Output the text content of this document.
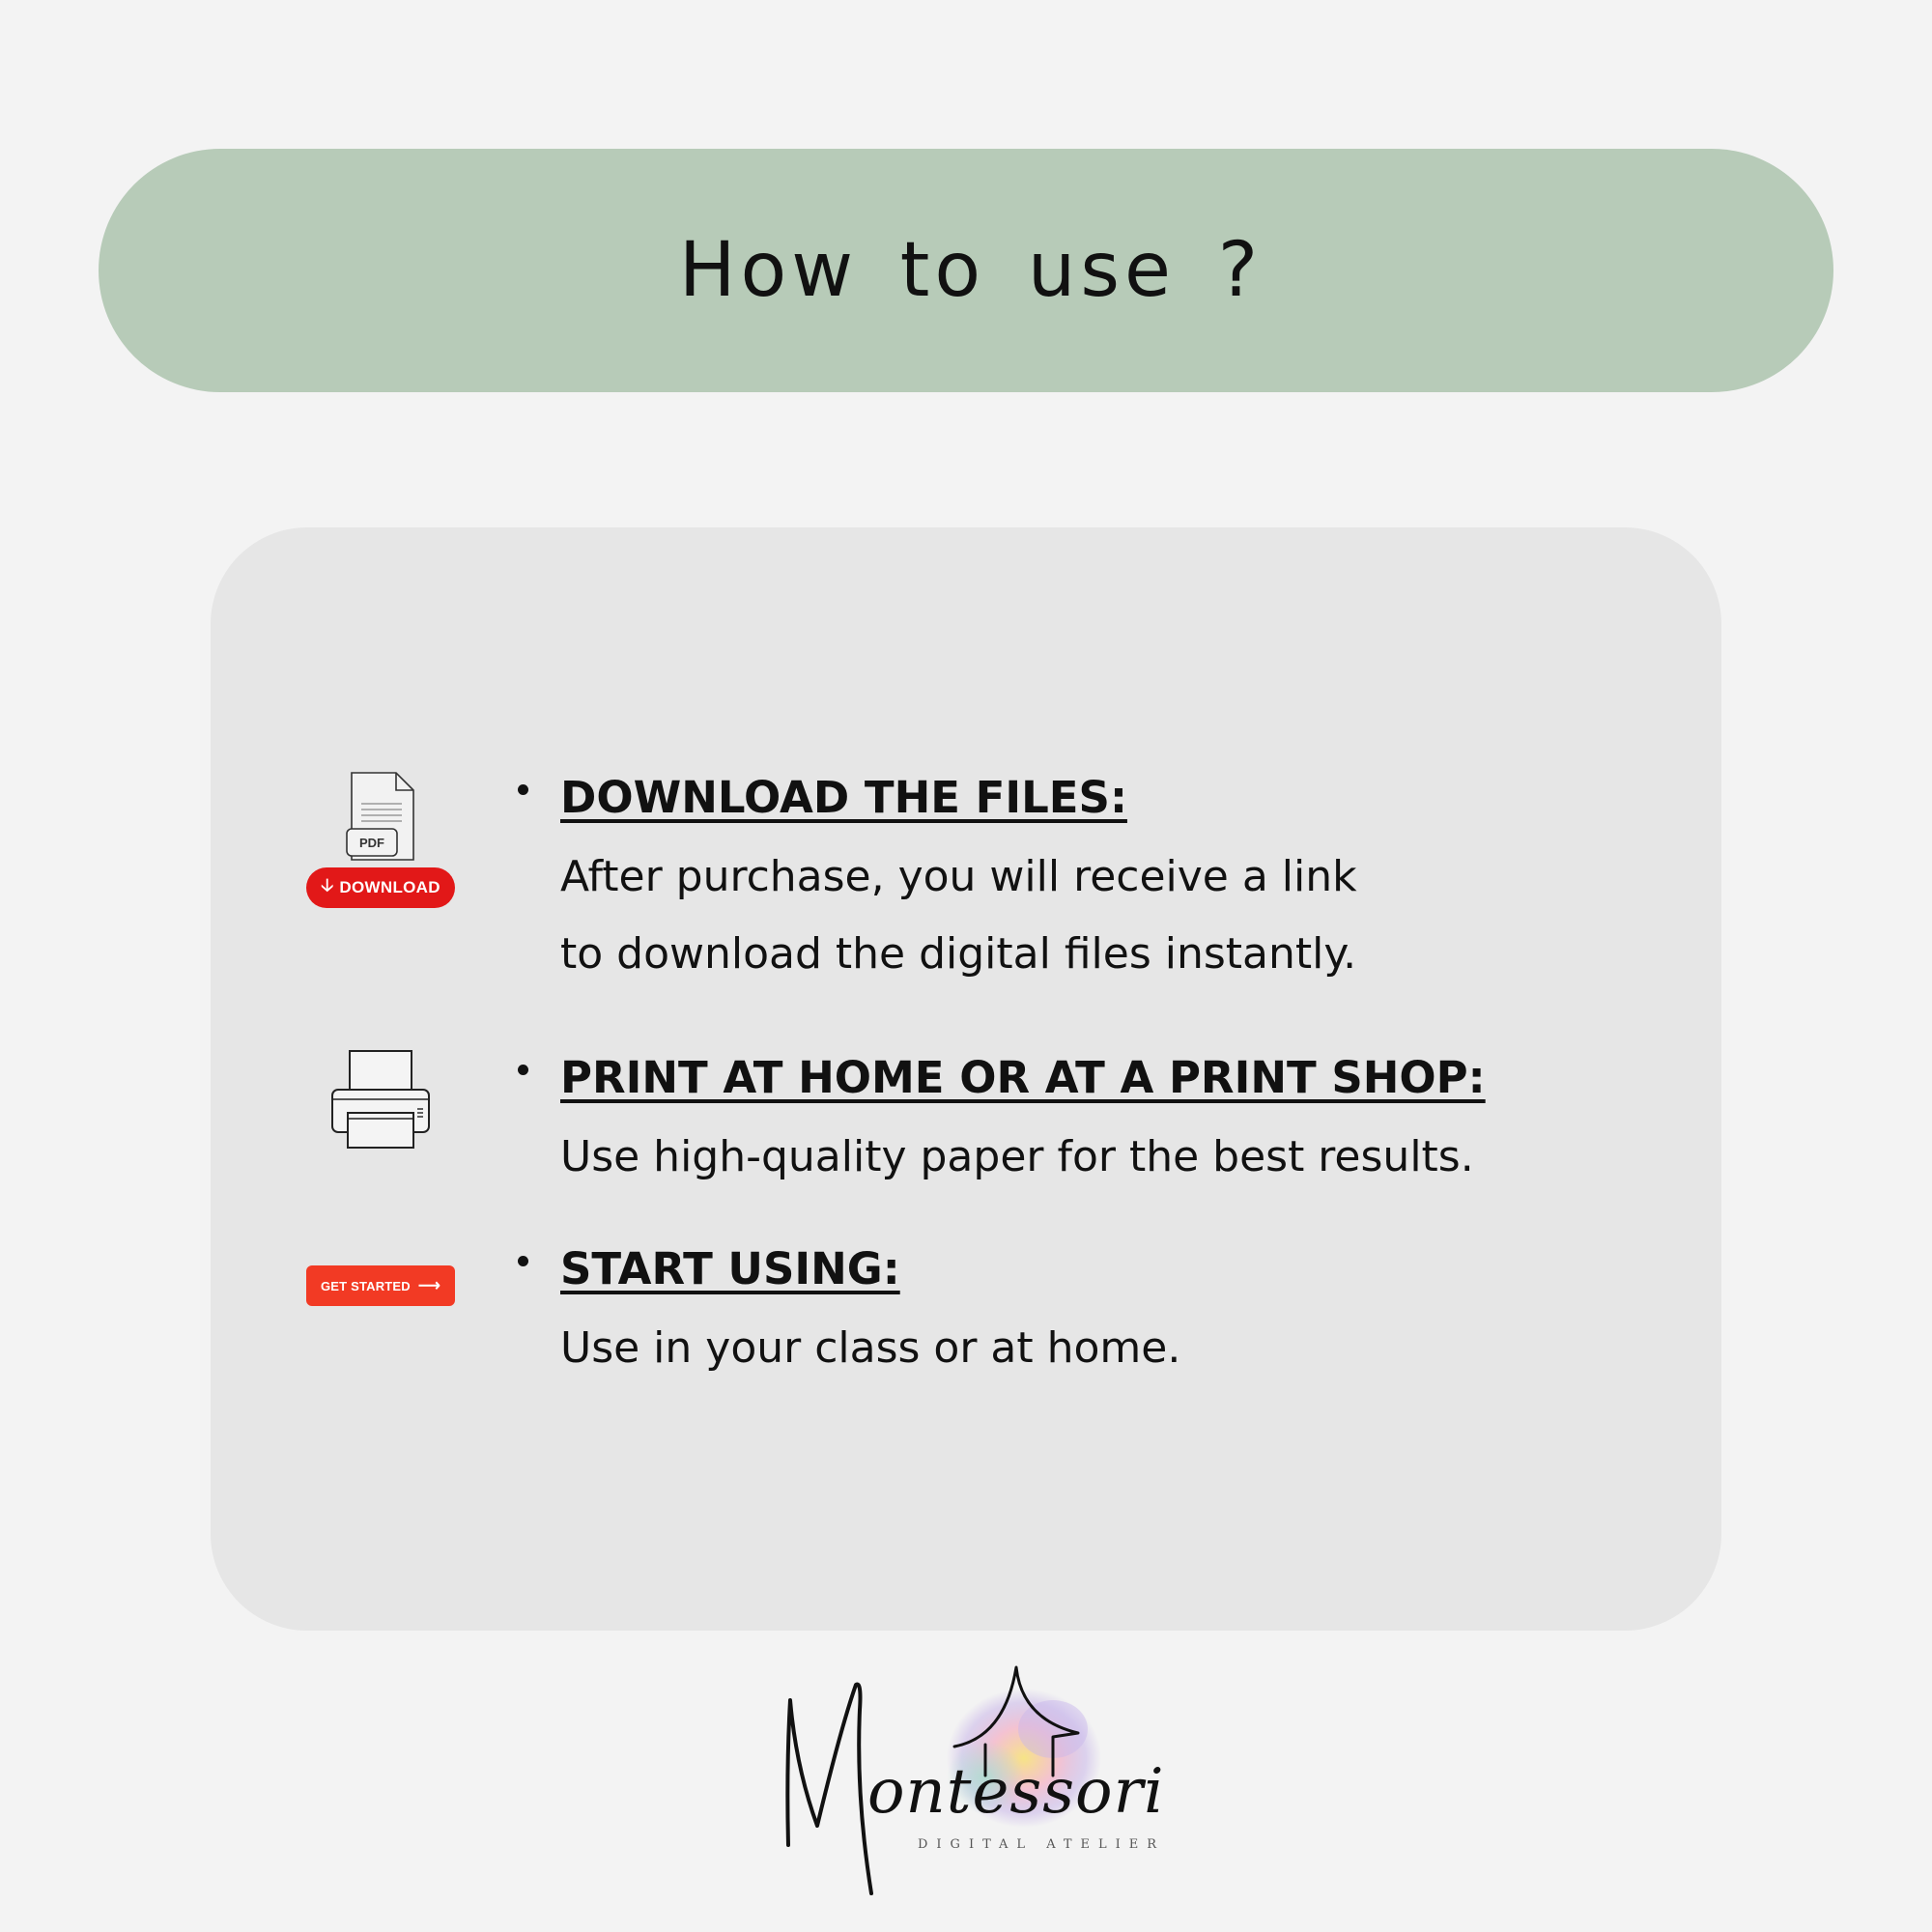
How to use ?
PDF
🡣 DOWNLOAD
DOWNLOAD THE FILES:
After purchase, you will receive a link
to download the digital files instantly.
PRINT AT HOME OR AT A PRINT SHOP:
Use high-quality paper for the best results.
GET STARTED ⟶	START USING:
Use in your class or at home.
ontessori
DIGITAL ATELIER
